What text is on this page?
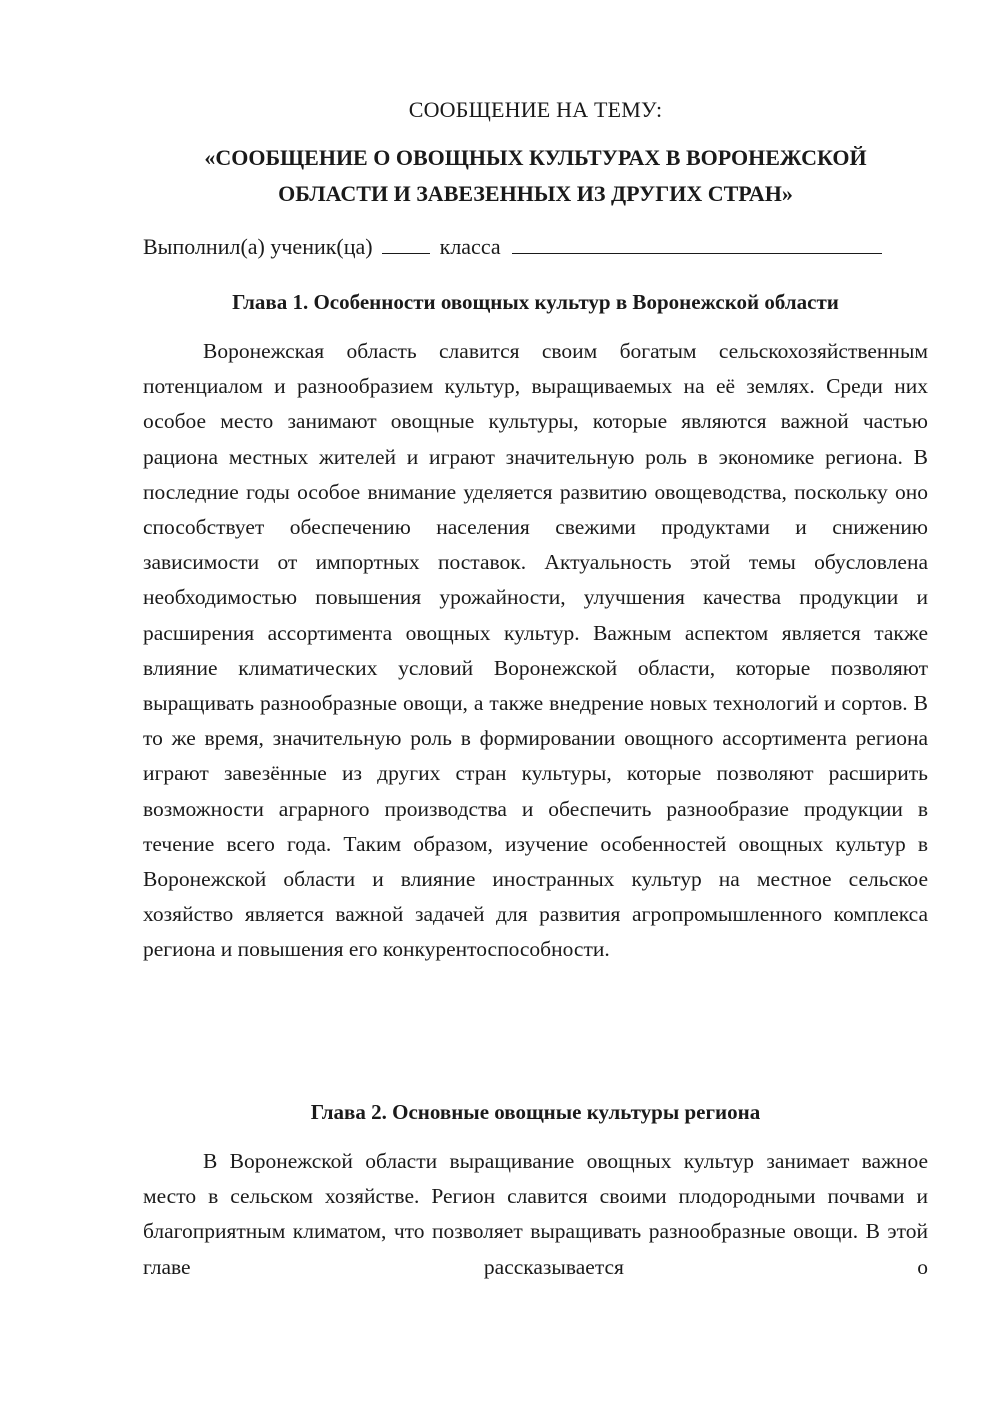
СООБЩЕНИЕ НА ТЕМУ:
«СООБЩЕНИЕ О ОВОЩНЫХ КУЛЬТУРАХ В ВОРОНЕЖСКОЙ
ОБЛАСТИ И ЗАВЕЗЕННЫХ ИЗ ДРУГИХ СТРАН»
Выполнил(а) ученик(ца)	класса
Глава 1. Особенности овощных культур в Воронежской области

Воронежская область славится своим богатым сельскохозяйственным потенциалом и разнообразием культур, выращиваемых на её землях. Среди них особое место занимают овощные культуры, которые являются важной частью рациона местных жителей и играют значительную роль в экономике региона. В последние годы особое внимание уделяется развитию овощеводства, поскольку оно способствует обеспечению населения свежими продуктами и снижению зависимости от импортных поставок. Актуальность этой темы обусловлена необходимостью повышения урожайности, улучшения качества продукции и расширения ассортимента овощных культур. Важным аспектом является также влияние климатических условий Воронежской области, которые позволяют выращивать разнообразные овощи, а также внедрение новых технологий и сортов. В то же время, значительную роль в формировании овощного ассортимента региона играют завезённые из других стран культуры, которые позволяют расширить возможности аграрного производства и обеспечить разнообразие продукции в течение всего года. Таким образом, изучение особенностей овощных культур в Воронежской области и влияние иностранных культур на местное сельское хозяйство является важной задачей для развития агропромышленного комплекса региона и повышения его конкурентоспособности.

Глава 2. Основные овощные культуры региона

В Воронежской области выращивание овощных культур занимает важное место в сельском хозяйстве. Регион славится своими плодородными почвами и благоприятным климатом, что позволяет выращивать разнообразные овощи. В этой главе рассказывается о
